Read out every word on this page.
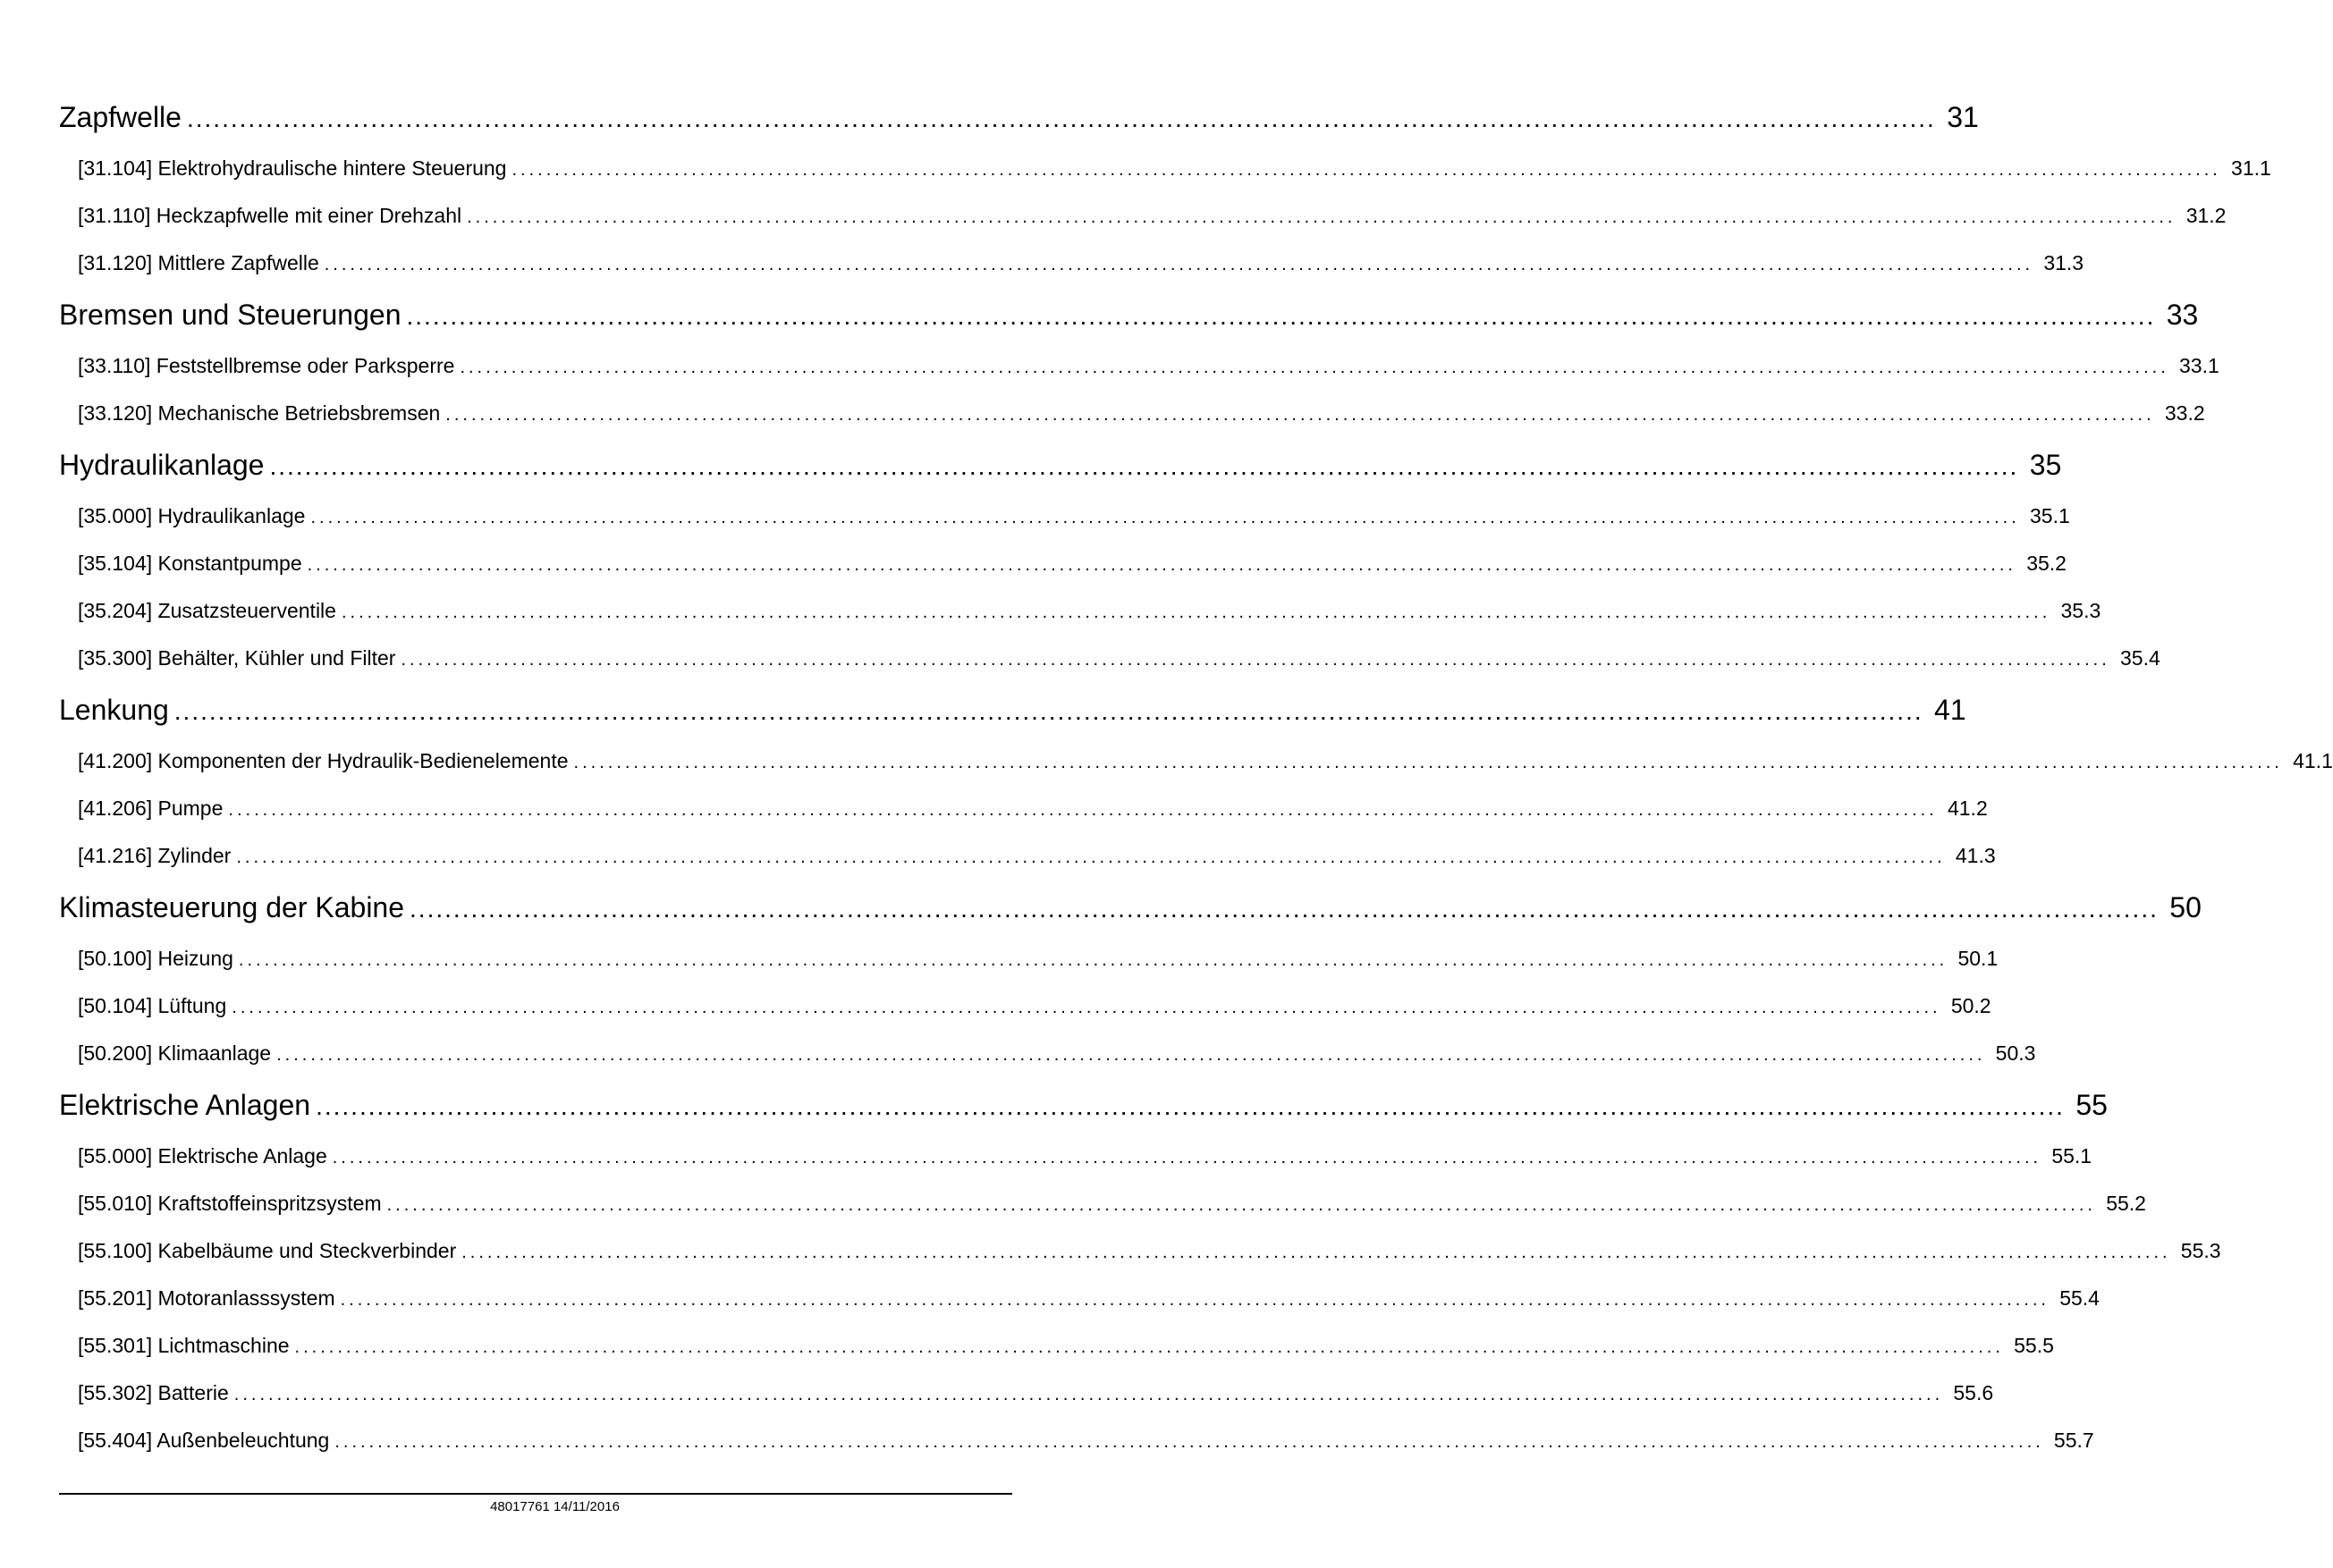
Zapfwelle ........................................................................................................................................................................................................ 31
[31.104] Elektrohydraulische hintere Steuerung ........................................................................................................................................................................................................ 31.1
[31.110] Heckzapfwelle mit einer Drehzahl ........................................................................................................................................................................................................ 31.2
[31.120] Mittlere Zapfwelle ........................................................................................................................................................................................................ 31.3
Bremsen und Steuerungen ........................................................................................................................................................................................................ 33
[33.110] Feststellbremse oder Parksperre ........................................................................................................................................................................................................ 33.1
[33.120] Mechanische Betriebsbremsen ........................................................................................................................................................................................................ 33.2
Hydraulikanlage ........................................................................................................................................................................................................ 35
[35.000] Hydraulikanlage ........................................................................................................................................................................................................ 35.1
[35.104] Konstantpumpe ........................................................................................................................................................................................................ 35.2
[35.204] Zusatzsteuerventile ........................................................................................................................................................................................................ 35.3
[35.300] Behälter, Kühler und Filter ........................................................................................................................................................................................................ 35.4
Lenkung ........................................................................................................................................................................................................ 41
[41.200] Komponenten der Hydraulik-Bedienelemente ........................................................................................................................................................................................................ 41.1
[41.206] Pumpe ........................................................................................................................................................................................................ 41.2
[41.216] Zylinder ........................................................................................................................................................................................................ 41.3
Klimasteuerung der Kabine ........................................................................................................................................................................................................ 50
[50.100] Heizung ........................................................................................................................................................................................................ 50.1
[50.104] Lüftung ........................................................................................................................................................................................................ 50.2
[50.200] Klimaanlage ........................................................................................................................................................................................................ 50.3
Elektrische Anlagen ........................................................................................................................................................................................................ 55
[55.000] Elektrische Anlage ........................................................................................................................................................................................................ 55.1
[55.010] Kraftstoffeinspritzsystem ........................................................................................................................................................................................................ 55.2
[55.100] Kabelbäume und Steckverbinder ........................................................................................................................................................................................................ 55.3
[55.201] Motoranlasssystem ........................................................................................................................................................................................................ 55.4
[55.301] Lichtmaschine ........................................................................................................................................................................................................ 55.5
[55.302] Batterie ........................................................................................................................................................................................................ 55.6
[55.404] Außenbeleuchtung ........................................................................................................................................................................................................ 55.7
48017761 14/11/2016
